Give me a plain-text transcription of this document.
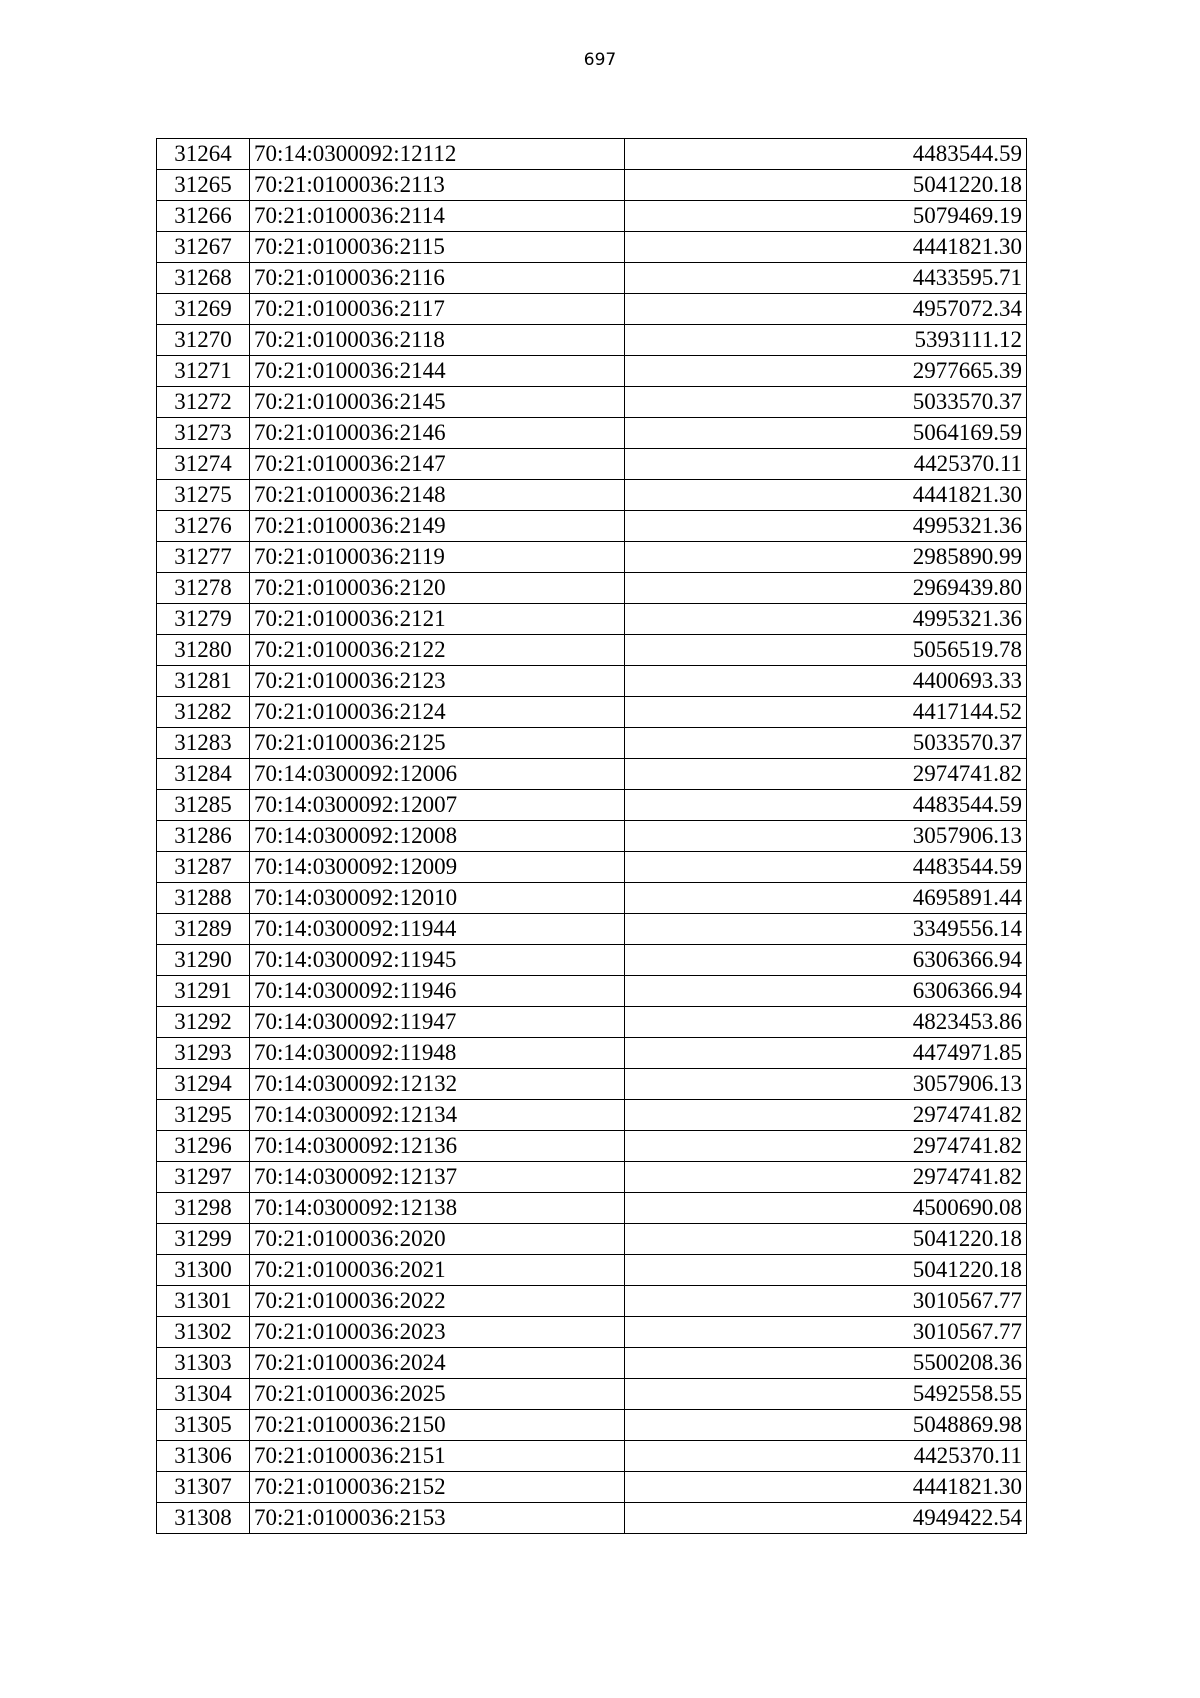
697
31264	70:14:0300092:12112	4483544.59
31265	70:21:0100036:2113	5041220.18
31266	70:21:0100036:2114	5079469.19
31267	70:21:0100036:2115	4441821.30
31268	70:21:0100036:2116	4433595.71
31269	70:21:0100036:2117	4957072.34
31270	70:21:0100036:2118	5393111.12
31271	70:21:0100036:2144	2977665.39
31272	70:21:0100036:2145	5033570.37
31273	70:21:0100036:2146	5064169.59
31274	70:21:0100036:2147	4425370.11
31275	70:21:0100036:2148	4441821.30
31276	70:21:0100036:2149	4995321.36
31277	70:21:0100036:2119	2985890.99
31278	70:21:0100036:2120	2969439.80
31279	70:21:0100036:2121	4995321.36
31280	70:21:0100036:2122	5056519.78
31281	70:21:0100036:2123	4400693.33
31282	70:21:0100036:2124	4417144.52
31283	70:21:0100036:2125	5033570.37
31284	70:14:0300092:12006	2974741.82
31285	70:14:0300092:12007	4483544.59
31286	70:14:0300092:12008	3057906.13
31287	70:14:0300092:12009	4483544.59
31288	70:14:0300092:12010	4695891.44
31289	70:14:0300092:11944	3349556.14
31290	70:14:0300092:11945	6306366.94
31291	70:14:0300092:11946	6306366.94
31292	70:14:0300092:11947	4823453.86
31293	70:14:0300092:11948	4474971.85
31294	70:14:0300092:12132	3057906.13
31295	70:14:0300092:12134	2974741.82
31296	70:14:0300092:12136	2974741.82
31297	70:14:0300092:12137	2974741.82
31298	70:14:0300092:12138	4500690.08
31299	70:21:0100036:2020	5041220.18
31300	70:21:0100036:2021	5041220.18
31301	70:21:0100036:2022	3010567.77
31302	70:21:0100036:2023	3010567.77
31303	70:21:0100036:2024	5500208.36
31304	70:21:0100036:2025	5492558.55
31305	70:21:0100036:2150	5048869.98
31306	70:21:0100036:2151	4425370.11
31307	70:21:0100036:2152	4441821.30
31308	70:21:0100036:2153	4949422.54
